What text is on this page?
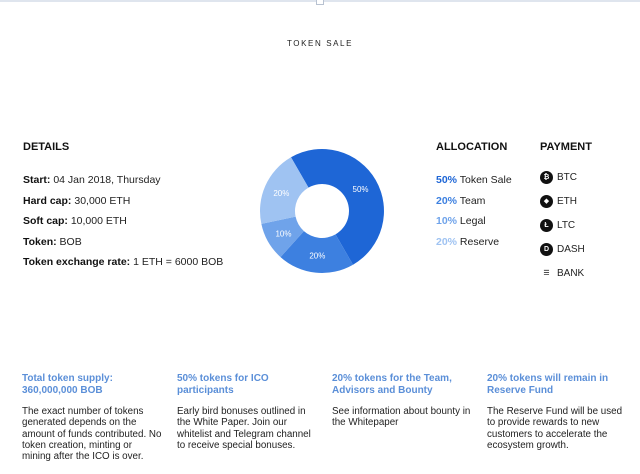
TOKEN SALE
DETAILS
Start: 04 Jan 2018, Thursday
Hard cap: 30,000 ETH
Soft cap: 10,000 ETH
Token: BOB
Token exchange rate: 1 ETH = 6000 BOB
50%
20%
10%
20%
ALLOCATION
50% Token Sale
20% Team
10% Legal
20% Reserve
PAYMENT
₿ BTC
◆ ETH
Ł LTC
D DASH
☰ BANK
Total token supply: 360,000,000 BOB
The exact number of tokens generated depends on the amount of funds contributed. No token creation, minting or mining after the ICO is over.
50% tokens for ICO participants
Early bird bonuses outlined in the White Paper. Join our whitelist and Telegram channel to receive special bonuses.
20% tokens for the Team, Advisors and Bounty
See information about bounty in the Whitepaper
20% tokens will remain in Reserve Fund
The Reserve Fund will be used to provide rewards to new customers to accelerate the ecosystem growth.
